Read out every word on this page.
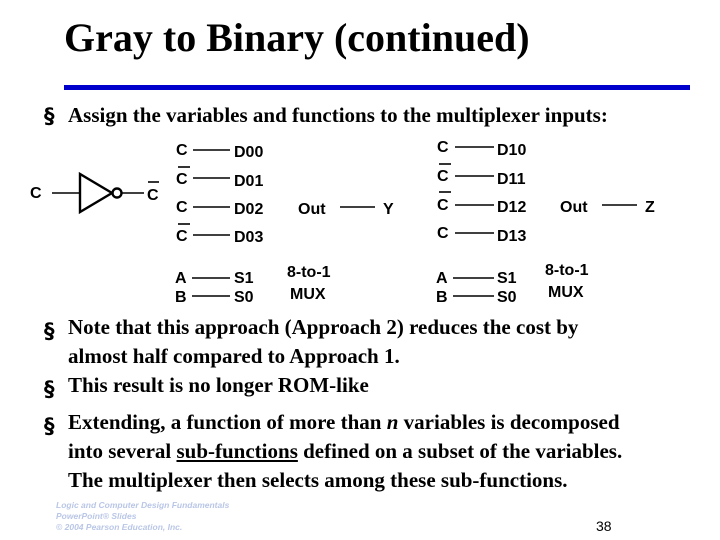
Gray to Binary (continued)
§ Assign the variables and functions to the multiplexer inputs:
C	C
C
C
C
C
D00
D01
D02
D03
Out	Y
A
B
S1
S0
8-to-1
MUX
C
C
C
C
D10
D11
D12
D13
Out	Z
A
B
S1
S0
8-to-1
MUX
§ Note that this approach (Approach 2) reduces the cost by
almost half compared to Approach 1.
§ This result is no longer ROM-like
§ Extending, a function of more than n variables is decomposed
into several sub-functions defined on a subset of the variables.
The multiplexer then selects among these sub-functions.
Logic and Computer Design Fundamentals
PowerPoint® Slides
© 2004 Pearson Education, Inc.	38
